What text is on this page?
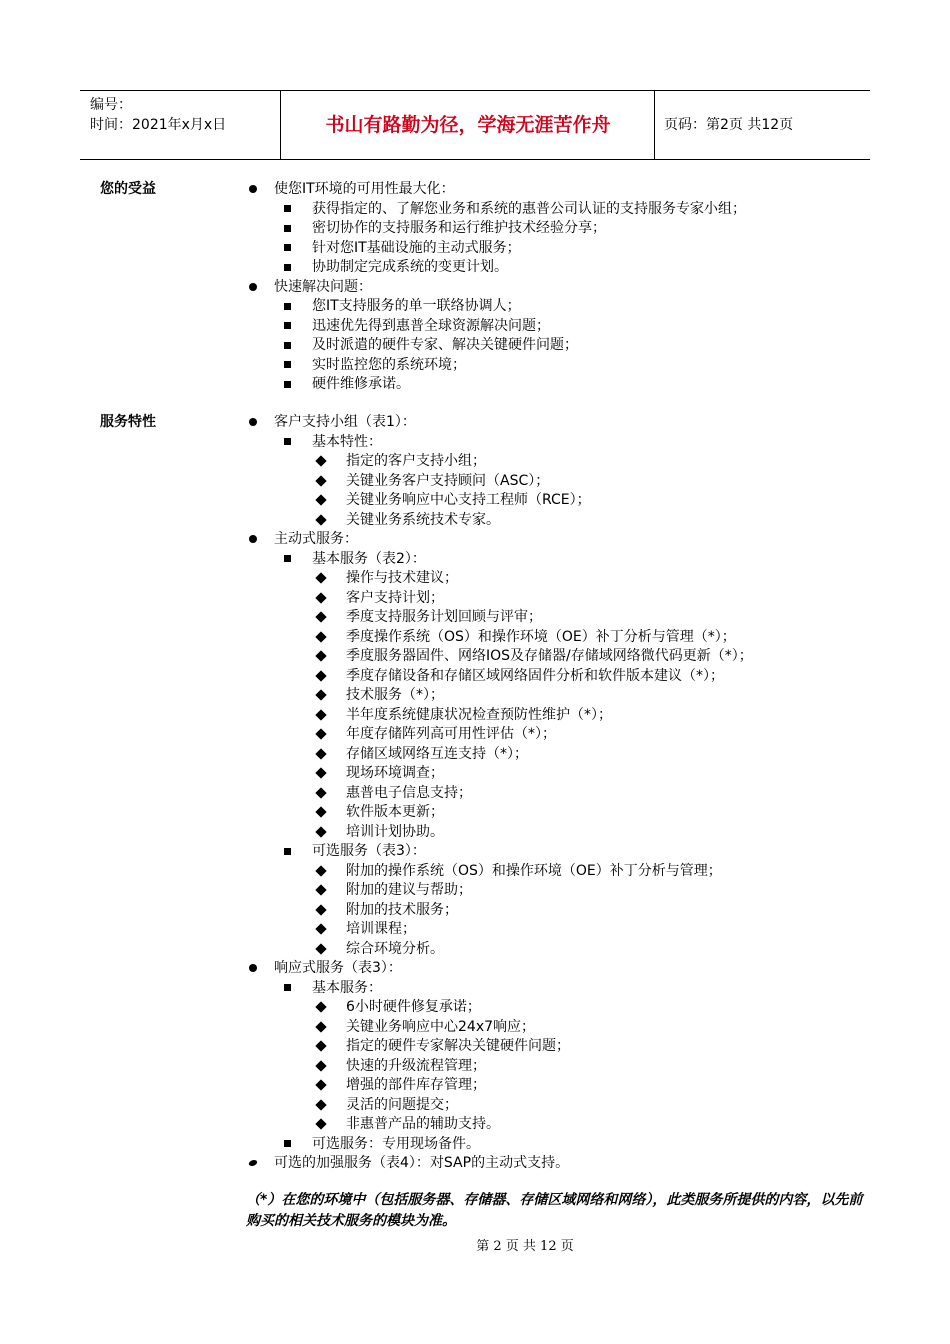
编号：
时间：2021年x月x日	书山有路勤为径，学海无涯苦作舟	页码：第2页 共12页
您的受益	使您IT环境的可用性最大化：
获得指定的、了解您业务和系统的惠普公司认证的支持服务专家小组；
密切协作的支持服务和运行维护技术经验分享；
针对您IT基础设施的主动式服务；
协助制定完成系统的变更计划。
快速解决问题：
您IT支持服务的单一联络协调人；
迅速优先得到惠普全球资源解决问题；
及时派遣的硬件专家、解决关键硬件问题；
实时监控您的系统环境；
硬件维修承诺。
服务特性	客户支持小组（表1）：
基本特性：
指定的客户支持小组；
关键业务客户支持顾问（ASC）；
关键业务响应中心支持工程师（RCE）；
关键业务系统技术专家。
主动式服务：
基本服务（表2）：
操作与技术建议；
客户支持计划；
季度支持服务计划回顾与评审；
季度操作系统（OS）和操作环境（OE）补丁分析与管理（*）；
季度服务器固件、网络IOS及存储器/存储域网络微代码更新（*）；
季度存储设备和存储区域网络固件分析和软件版本建议（*）；
技术服务（*）；
半年度系统健康状况检查预防性维护（*）；
年度存储阵列高可用性评估（*）；
存储区域网络互连支持（*）；
现场环境调查；
惠普电子信息支持；
软件版本更新；
培训计划协助。
可选服务（表3）：
附加的操作系统（OS）和操作环境（OE）补丁分析与管理；
附加的建议与帮助；
附加的技术服务；
培训课程；
综合环境分析。
响应式服务（表3）：
基本服务：
6小时硬件修复承诺；
关键业务响应中心24x7响应；
指定的硬件专家解决关键硬件问题；
快速的升级流程管理；
增强的部件库存管理；
灵活的问题提交；
非惠普产品的辅助支持。
可选服务：专用现场备件。
可选的加强服务（表4）：对SAP的主动式支持。
（*）在您的环境中（包括服务器、存储器、存储区域网络和网络），此类服务所提供的内容，以先前购买的相关技术服务的模块为准。
第 2 页 共 12 页
